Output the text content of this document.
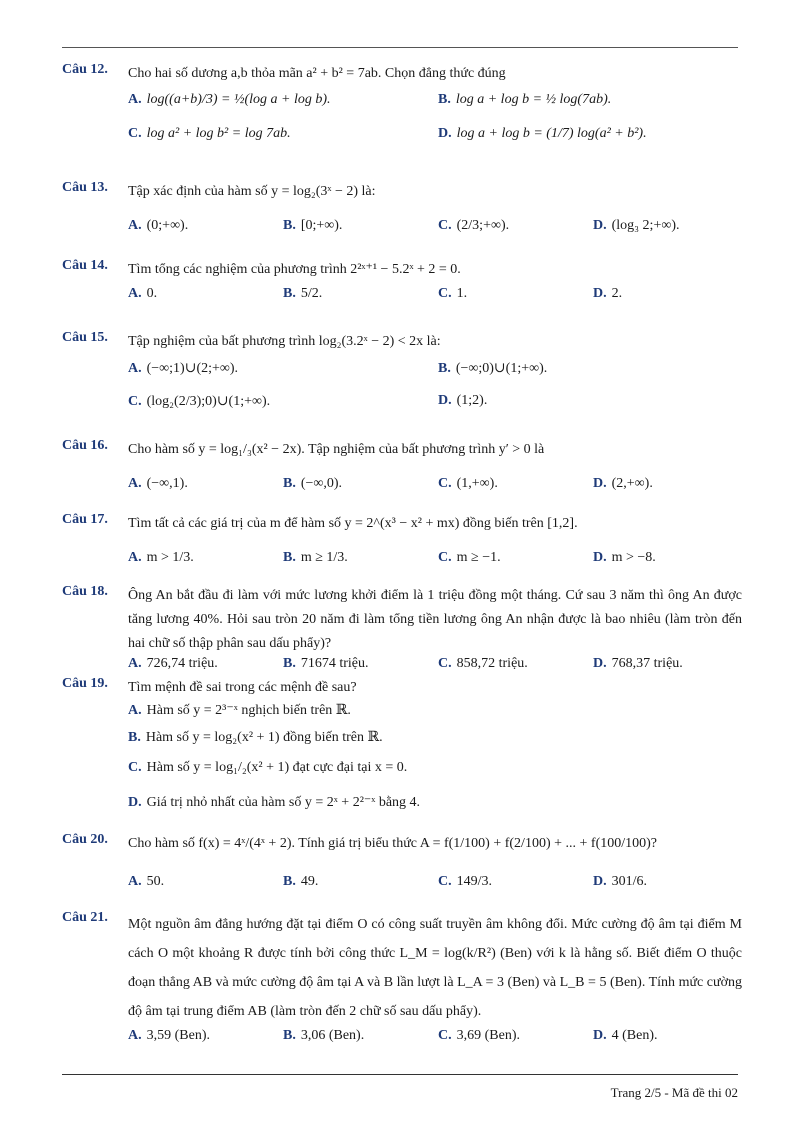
Câu 12.	Cho hai số dương a,b thỏa mãn a² + b² = 7ab. Chọn đẳng thức đúng
A. log((a+b)/3) = ½(log a + log b).	B. log a + log b = ½ log(7ab).
C. log a² + log b² = log 7ab.	D. log a + log b = (1/7) log(a² + b²).
Câu 13.	Tập xác định của hàm số y = log₂(3ˣ − 2) là:
A. (0;+∞).	B. [0;+∞).	C. (2/3;+∞).	D. (log₃ 2;+∞).
Câu 14.	Tìm tổng các nghiệm của phương trình 2²ˣ⁺¹ − 5.2ˣ + 2 = 0.
A. 0.	B. 5/2.	C. 1.	D. 2.
Câu 15.	Tập nghiệm của bất phương trình log₂(3.2ˣ − 2) < 2x là:
A. (−∞;1)∪(2;+∞).	B. (−∞;0)∪(1;+∞).
C. (log₂(2/3);0)∪(1;+∞).	D. (1;2).
Câu 16.	Cho hàm số y = log₁/₃(x² − 2x). Tập nghiệm của bất phương trình y′ > 0 là
A. (−∞,1).	B. (−∞,0).	C. (1,+∞).	D. (2,+∞).
Câu 17.	Tìm tất cả các giá trị của m để hàm số y = 2^(x³ − x² + mx) đồng biến trên [1,2].
A. m > 1/3.	B. m ≥ 1/3.	C. m ≥ −1.	D. m > −8.
Câu 18.	Ông An bắt đầu đi làm với mức lương khởi điểm là 1 triệu đồng một tháng. Cứ sau 3 năm thì ông An được tăng lương 40%. Hỏi sau tròn 20 năm đi làm tổng tiền lương ông An nhận được là bao nhiêu (làm tròn đến hai chữ số thập phân sau dấu phẩy)?
A. 726,74 triệu.	B. 71674 triệu.	C. 858,72 triệu.	D. 768,37 triệu.
Câu 19.	Tìm mệnh đề sai trong các mệnh đề sau?
A. Hàm số y = 2³⁻ˣ nghịch biến trên ℝ.
B. Hàm số y = log₂(x² + 1) đồng biến trên ℝ.
C. Hàm số y = log₁/₂(x² + 1) đạt cực đại tại x = 0.
D. Giá trị nhỏ nhất của hàm số y = 2ˣ + 2²⁻ˣ bằng 4.
Câu 20.	Cho hàm số f(x) = 4ˣ/(4ˣ + 2). Tính giá trị biểu thức A = f(1/100) + f(2/100) + ... + f(100/100)?
A. 50.	B. 49.	C. 149/3.	D. 301/6.
Câu 21.	Một nguồn âm đẳng hướng đặt tại điểm O có công suất truyền âm không đổi. Mức cường độ âm tại điểm M cách O một khoảng R được tính bởi công thức L_M = log(k/R²) (Ben) với k là hằng số. Biết điểm O thuộc đoạn thẳng AB và mức cường độ âm tại A và B lần lượt là L_A = 3 (Ben) và L_B = 5 (Ben). Tính mức cường độ âm tại trung điểm AB (làm tròn đến 2 chữ số sau dấu phẩy).
A. 3,59 (Ben).	B. 3,06 (Ben).	C. 3,69 (Ben).	D. 4 (Ben).
Trang 2/5 - Mã đề thi 02
